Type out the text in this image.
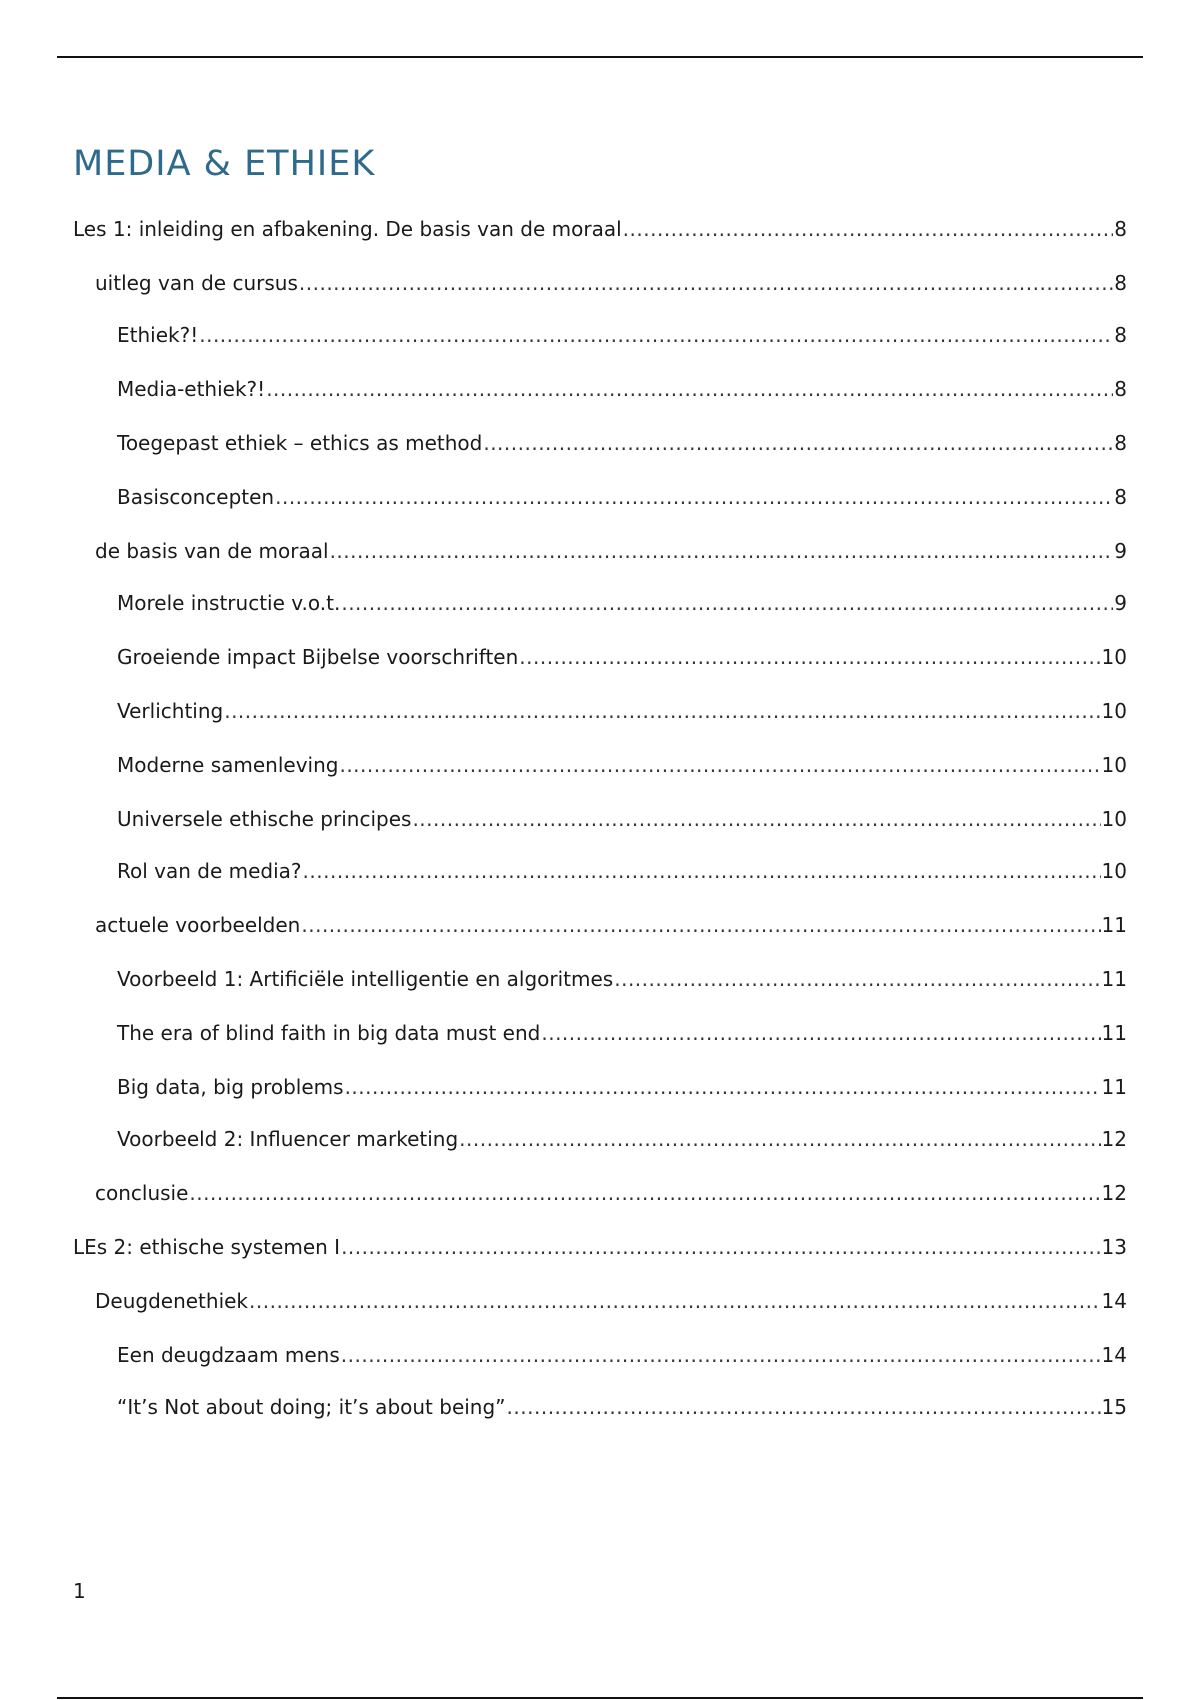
MEDIA & ETHIEK
Les 1: inleiding en afbakening. De basis van de moraal .....	8
uitleg van de cursus .....	8
Ethiek?! .....	8
Media-ethiek?! .....	8
Toegepast ethiek – ethics as method .....	8
Basisconcepten .....	8
de basis van de moraal .....	9
Morele instructie v.o.t. .....	9
Groeiende impact Bijbelse voorschriften .....	10
Verlichting .....	10
Moderne samenleving .....	10
Universele ethische principes .....	10
Rol van de media? .....	10
actuele voorbeelden .....	11
Voorbeeld 1: Artificiële intelligentie en algoritmes .....	11
The era of blind faith in big data must end .....	11
Big data, big problems .....	11
Voorbeeld 2: Influencer marketing .....	12
conclusie .....	12
LEs 2: ethische systemen I .....	13
Deugdenethiek .....	14
Een deugdzaam mens .....	14
“It’s Not about doing; it’s about being” .....	15
1
